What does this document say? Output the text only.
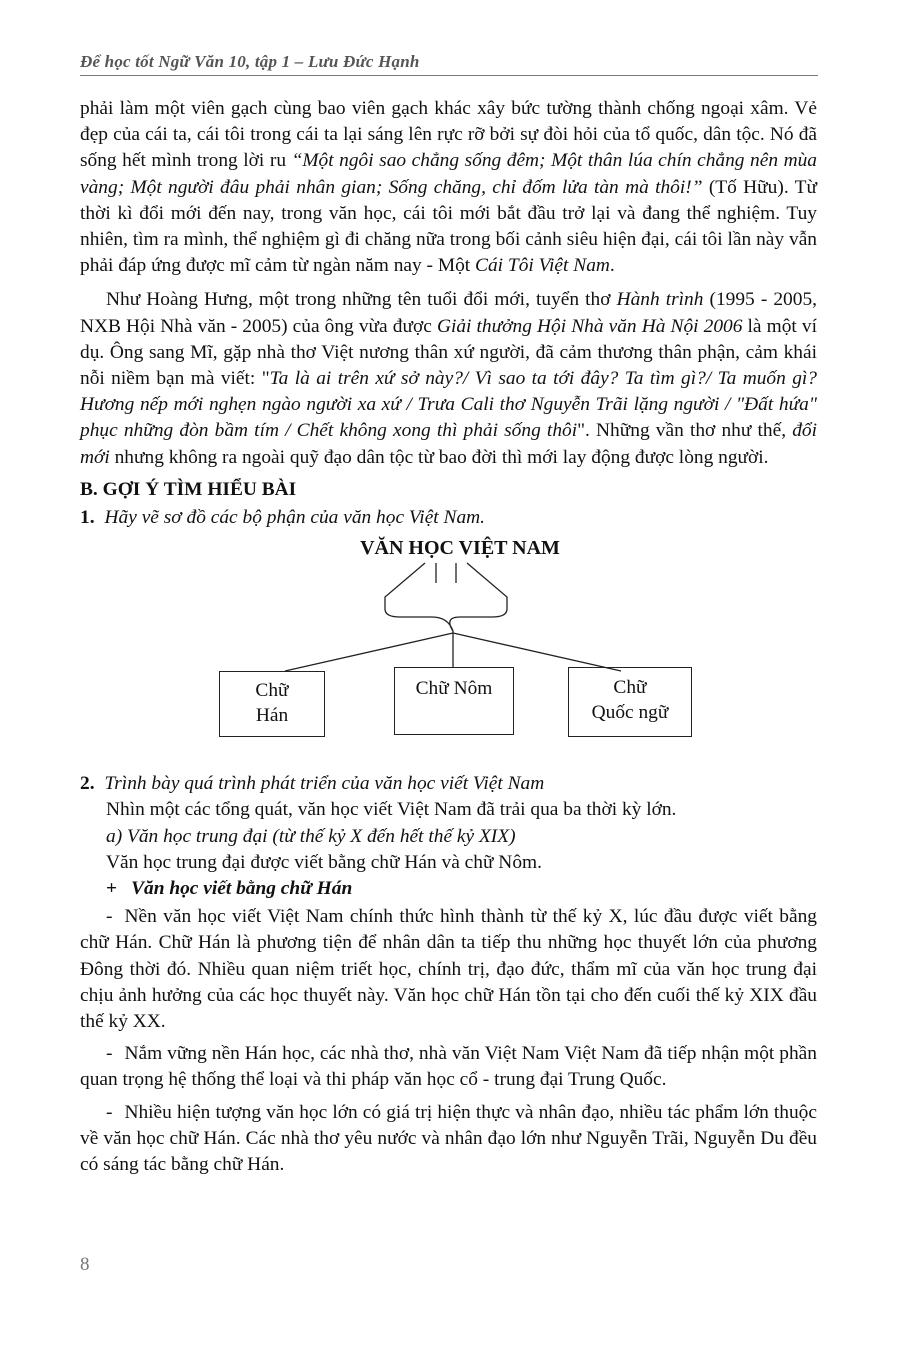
Để học tốt Ngữ Văn 10, tập 1 – Lưu Đức Hạnh

phải làm một viên gạch cùng bao viên gạch khác xây bức tường thành chống ngoại xâm. Vẻ đẹp của cái ta, cái tôi trong cái ta lại sáng lên rực rỡ bởi sự đòi hỏi của tổ quốc, dân tộc. Nó đã sống hết mình trong lời ru “Một ngôi sao chẳng sống đêm; Một thân lúa chín chẳng nên mùa vàng; Một người đâu phải nhân gian; Sống chăng, chỉ đốm lửa tàn mà thôi!” (Tố Hữu). Từ thời kì đổi mới đến nay, trong văn học, cái tôi mới bắt đầu trở lại và đang thể nghiệm. Tuy nhiên, tìm ra mình, thể nghiệm gì đi chăng nữa trong bối cảnh siêu hiện đại, cái tôi lần này vẫn phải đáp ứng được mĩ cảm từ ngàn năm nay - Một Cái Tôi Việt Nam.

Như Hoàng Hưng, một trong những tên tuổi đổi mới, tuyển thơ Hành trình (1995 - 2005, NXB Hội Nhà văn - 2005) của ông vừa được Giải thưởng Hội Nhà văn Hà Nội 2006 là một ví dụ. Ông sang Mĩ, gặp nhà thơ Việt nương thân xứ người, đã cảm thương thân phận, cảm khái nỗi niềm bạn mà viết: "Ta là ai trên xứ sở này?/ Vì sao ta tới đây? Ta tìm gì?/ Ta muốn gì? Hương nếp mới nghẹn ngào người xa xứ / Trưa Cali thơ Nguyễn Trãi lặng người / "Đất hứa" phục những đòn bầm tím / Chết không xong thì phải sống thôi". Những vần thơ như thế, đổi mới nhưng không ra ngoài quỹ đạo dân tộc từ bao đời thì mới lay động được lòng người.

B. GỢI Ý TÌM HIỂU BÀI

1. Hãy vẽ sơ đồ các bộ phận của văn học Việt Nam.

VĂN HỌC VIỆT NAM
Chữ
Hán
Chữ Nôm	Chữ
Quốc ngữ

2. Trình bày quá trình phát triển của văn học viết Việt Nam

Nhìn một các tổng quát, văn học viết Việt Nam đã trải qua ba thời kỳ lớn.

a) Văn học trung đại (từ thế kỷ X đến hết thế kỷ XIX)

Văn học trung đại được viết bằng chữ Hán và chữ Nôm.

+ Văn học viết bằng chữ Hán

- Nền văn học viết Việt Nam chính thức hình thành từ thế kỷ X, lúc đầu được viết bằng chữ Hán. Chữ Hán là phương tiện để nhân dân ta tiếp thu những học thuyết lớn của phương Đông thời đó. Nhiều quan niệm triết học, chính trị, đạo đức, thẩm mĩ của văn học trung đại chịu ảnh hưởng của các học thuyết này. Văn học chữ Hán tồn tại cho đến cuối thế kỷ XIX đầu thế kỷ XX.

- Nắm vững nền Hán học, các nhà thơ, nhà văn Việt Nam Việt Nam đã tiếp nhận một phần quan trọng hệ thống thể loại và thi pháp văn học cổ - trung đại Trung Quốc.

- Nhiều hiện tượng văn học lớn có giá trị hiện thực và nhân đạo, nhiều tác phẩm lớn thuộc về văn học chữ Hán. Các nhà thơ yêu nước và nhân đạo lớn như Nguyễn Trãi, Nguyễn Du đều có sáng tác bằng chữ Hán.

8
